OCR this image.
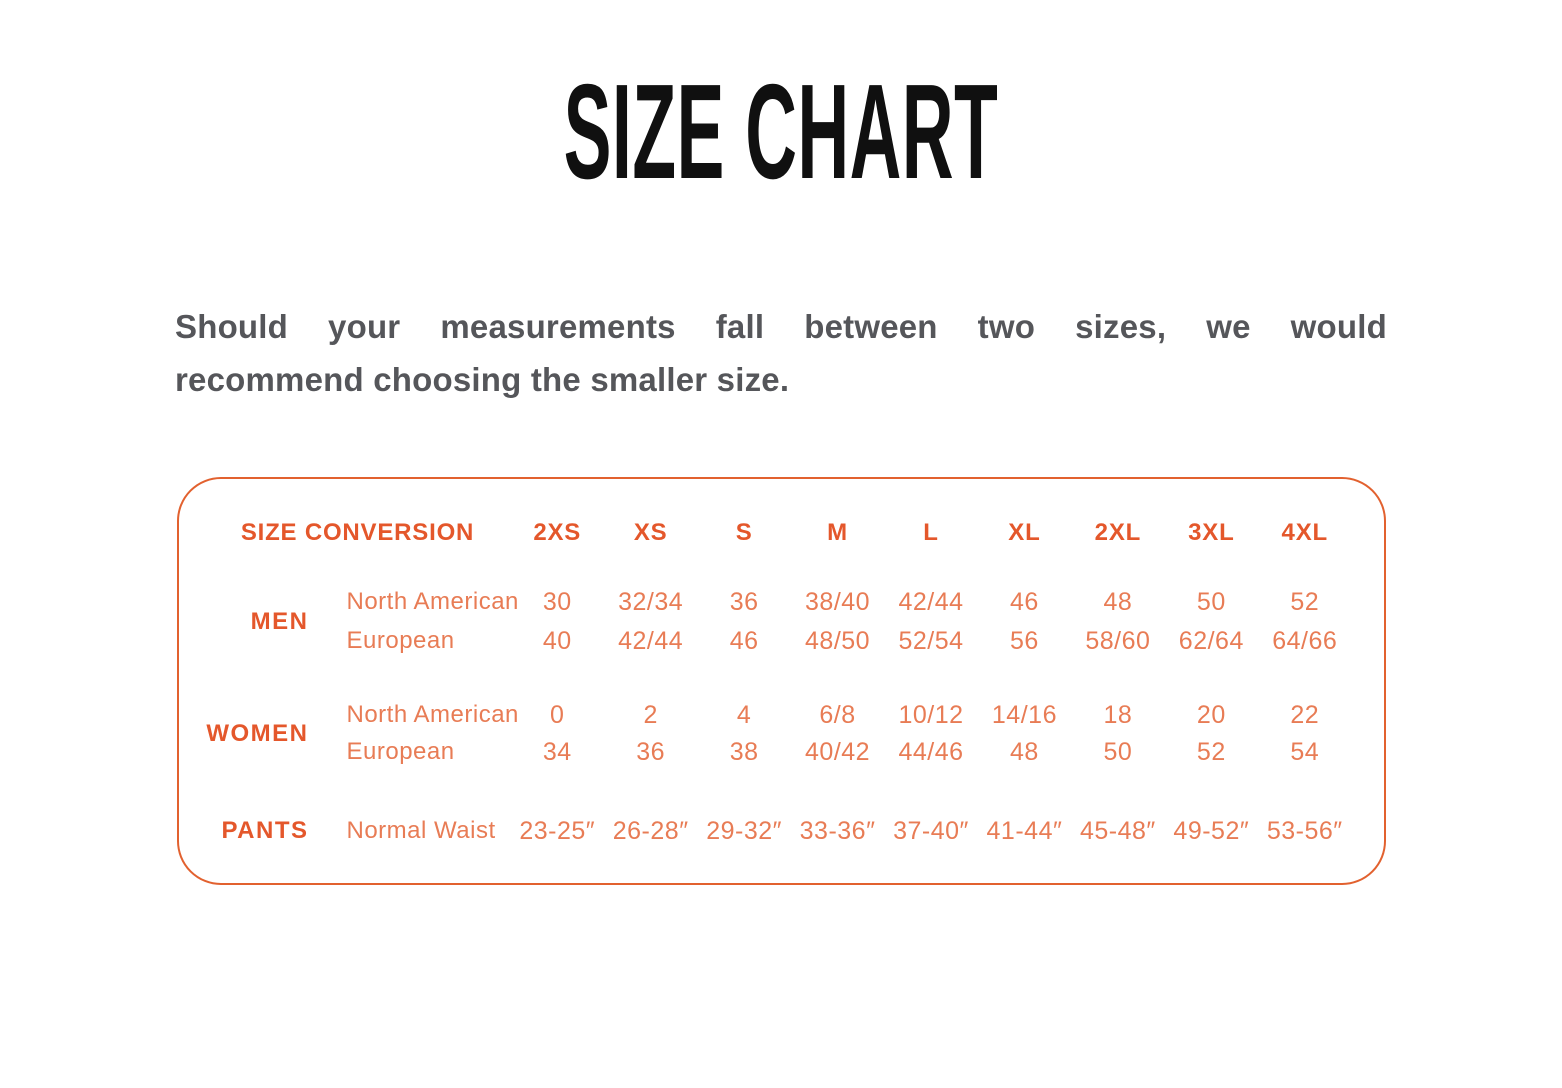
SIZE CHART
Should your measurements fall between two sizes, we would
recommend choosing the smaller size.
SIZE CONVERSION	2XS	XS	S	M	L	XL	2XL	3XL	4XL
MEN
North American 30	32/34	36	38/40	42/44	46	48	50	52
European	40	42/44	46	48/50	52/54	56	58/60	62/64	64/66
WOMEN
North American	0	2	4	6/8	10/12	14/16	18	20	22
European	34	36	38	40/42	44/46	48	50	52	54
PANTS	Normal Waist 23-25″ 26-28″ 29-32″ 33-36″ 37-40″ 41-44″ 45-48″ 49-52″ 53-56″
